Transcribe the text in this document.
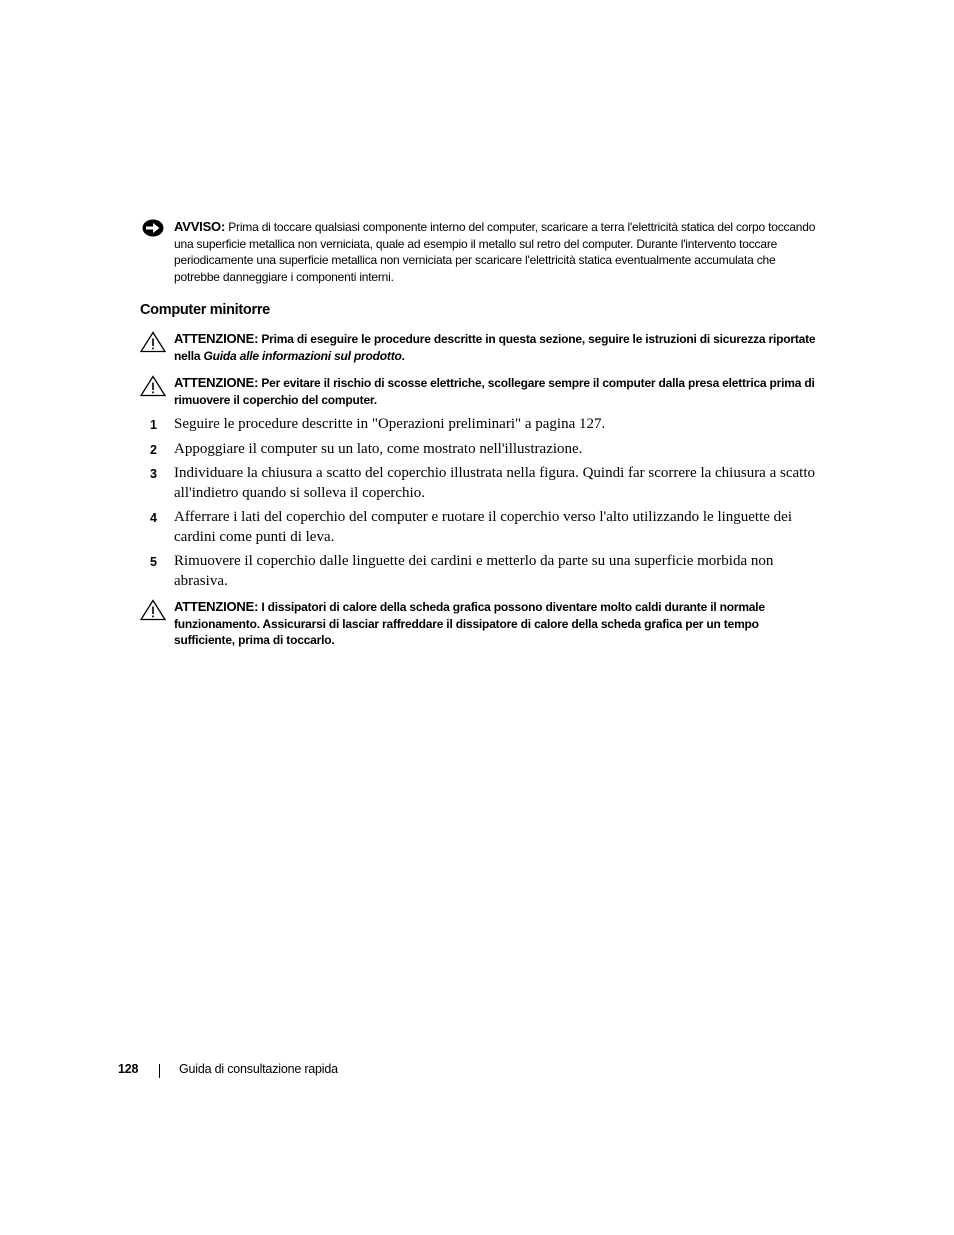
AVVISO: Prima di toccare qualsiasi componente interno del computer, scaricare a terra l'elettricità statica del corpo toccando una superficie metallica non verniciata, quale ad esempio il metallo sul retro del computer. Durante l'intervento toccare periodicamente una superficie metallica non verniciata per scaricare l'elettricità statica eventualmente accumulata che potrebbe danneggiare i componenti interni.
Computer minitorre
ATTENZIONE: Prima di eseguire le procedure descritte in questa sezione, seguire le istruzioni di sicurezza riportate nella Guida alle informazioni sul prodotto.
ATTENZIONE: Per evitare il rischio di scosse elettriche, scollegare sempre il computer dalla presa elettrica prima di rimuovere il coperchio del computer.
1 Seguire le procedure descritte in "Operazioni preliminari" a pagina 127.
2 Appoggiare il computer su un lato, come mostrato nell'illustrazione.
3 Individuare la chiusura a scatto del coperchio illustrata nella figura. Quindi far scorrere la chiusura a scatto all'indietro quando si solleva il coperchio.
4 Afferrare i lati del coperchio del computer e ruotare il coperchio verso l'alto utilizzando le linguette dei cardini come punti di leva.
5 Rimuovere il coperchio dalle linguette dei cardini e metterlo da parte su una superficie morbida non abrasiva.
ATTENZIONE: I dissipatori di calore della scheda grafica possono diventare molto caldi durante il normale funzionamento. Assicurarsi di lasciar raffreddare il dissipatore di calore della scheda grafica per un tempo sufficiente, prima di toccarlo.
128	Guida di consultazione rapida
